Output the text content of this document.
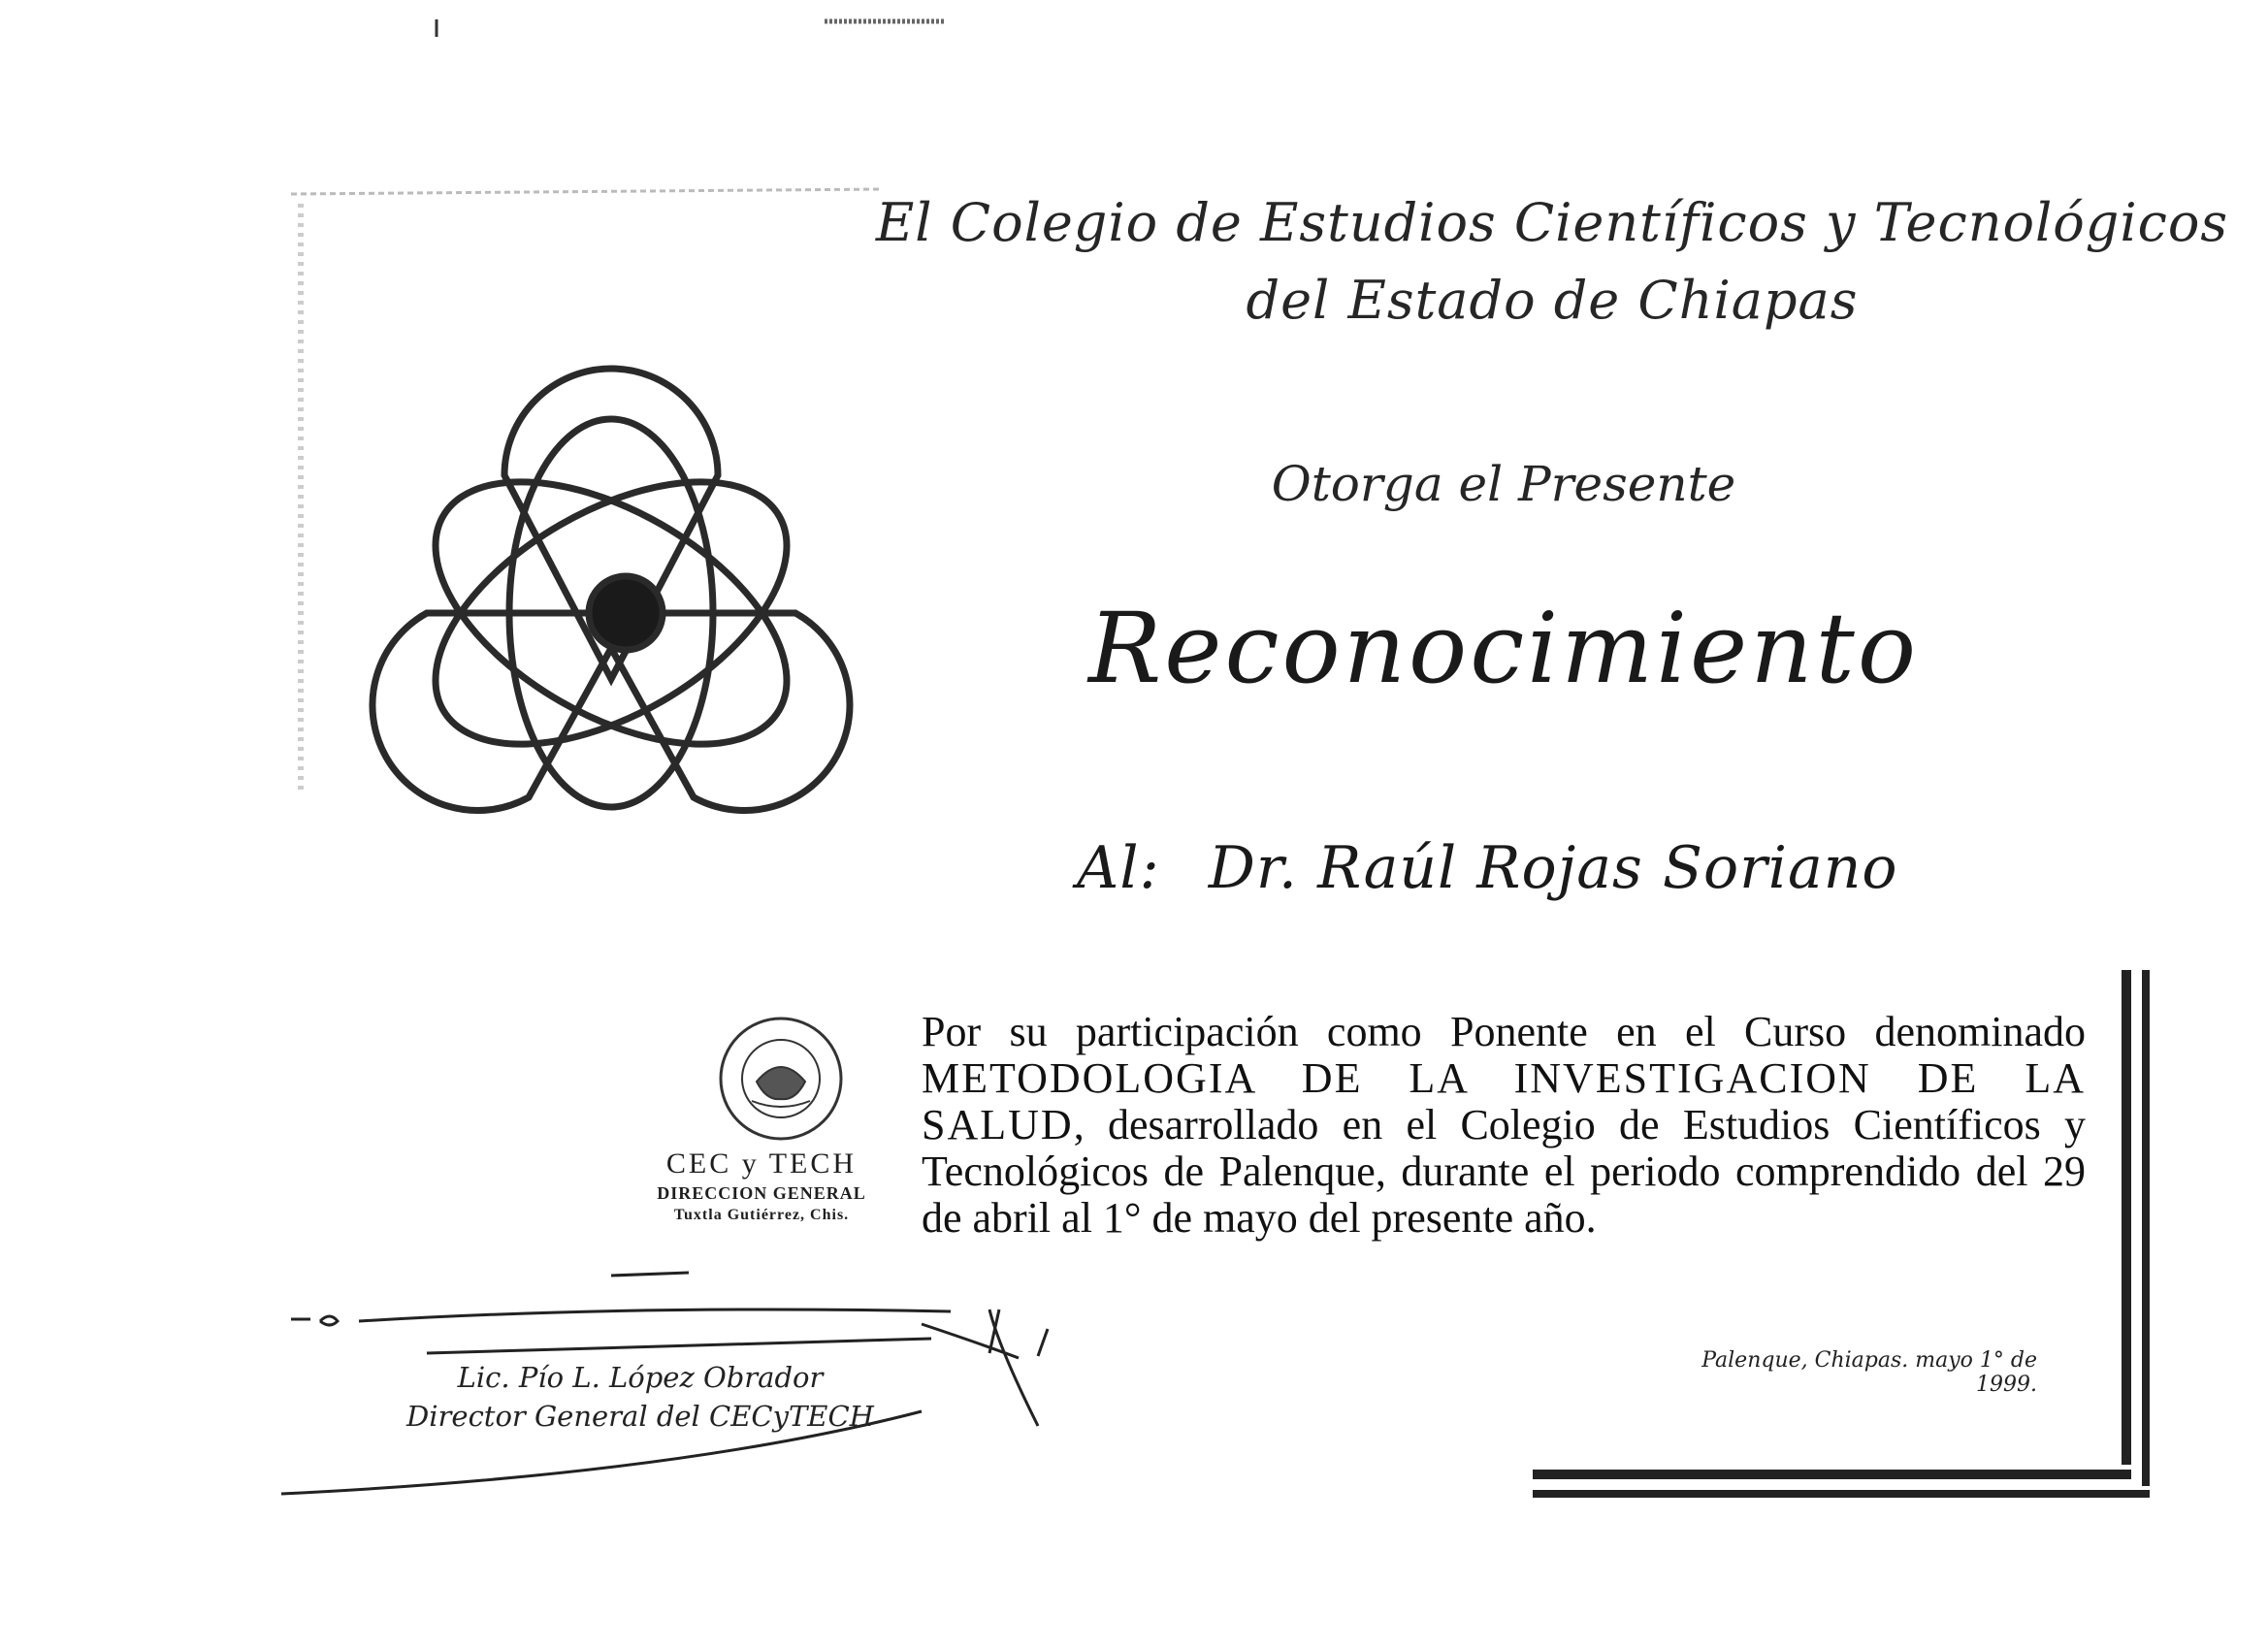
El Colegio de Estudios Científicos y Tecnológicos
del Estado de Chiapas
Otorga el Presente
Reconocimiento
Al: Dr. Raúl Rojas Soriano
Por su participación como Ponente en el Curso denominado METODOLOGIA DE LA INVESTIGACION DE LA SALUD, desarrollado en el Colegio de Estudios Científicos y Tecnológicos de Palenque, durante el periodo comprendido del 29 de abril al 1° de mayo del presente año.
Palenque, Chiapas. mayo 1° de 1999.
CEC y TECH
DIRECCION GENERAL
Tuxtla Gutiérrez, Chis.
Lic. Pío L. López Obrador
Director General del CECyTECH
